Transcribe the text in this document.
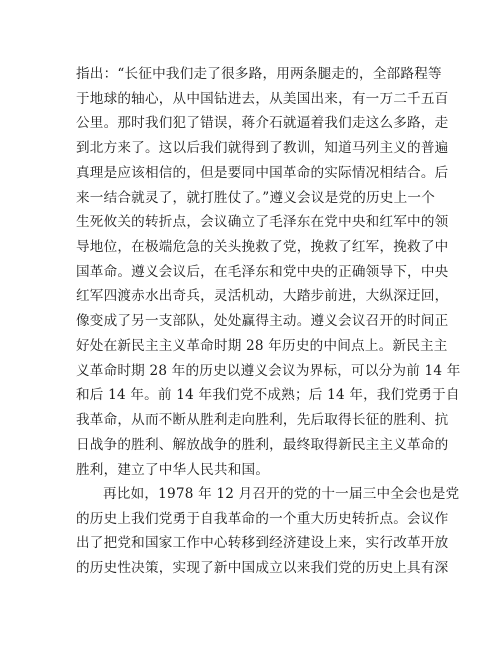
指出：“长征中我们走了很多路，用两条腿走的，全部路程等
于地球的轴心，从中国钻进去，从美国出来，有一万二千五百
公里。那时我们犯了错误，蒋介石就逼着我们走这么多路，走
到北方来了。这以后我们就得到了教训，知道马列主义的普遍
真理是应该相信的，但是要同中国革命的实际情况相结合。后
来一结合就灵了，就打胜仗了。”遵义会议是党的历史上一个
生死攸关的转折点，会议确立了毛泽东在党中央和红军中的领
导地位，在极端危急的关头挽救了党，挽救了红军，挽救了中
国革命。遵义会议后，在毛泽东和党中央的正确领导下，中央
红军四渡赤水出奇兵，灵活机动，大踏步前进，大纵深迂回，
像变成了另一支部队，处处赢得主动。遵义会议召开的时间正
好处在新民主主义革命时期 28 年历史的中间点上。新民主主
义革命时期 28 年的历史以遵义会议为界标，可以分为前 14 年
和后 14 年。前 14 年我们党不成熟；后 14 年，我们党勇于自
我革命，从而不断从胜利走向胜利，先后取得长征的胜利、抗
日战争的胜利、解放战争的胜利，最终取得新民主主义革命的
胜利，建立了中华人民共和国。
再比如，1978 年 12 月召开的党的十一届三中全会也是党
的历史上我们党勇于自我革命的一个重大历史转折点。会议作
出了把党和国家工作中心转移到经济建设上来，实行改革开放
的历史性决策，实现了新中国成立以来我们党的历史上具有深
